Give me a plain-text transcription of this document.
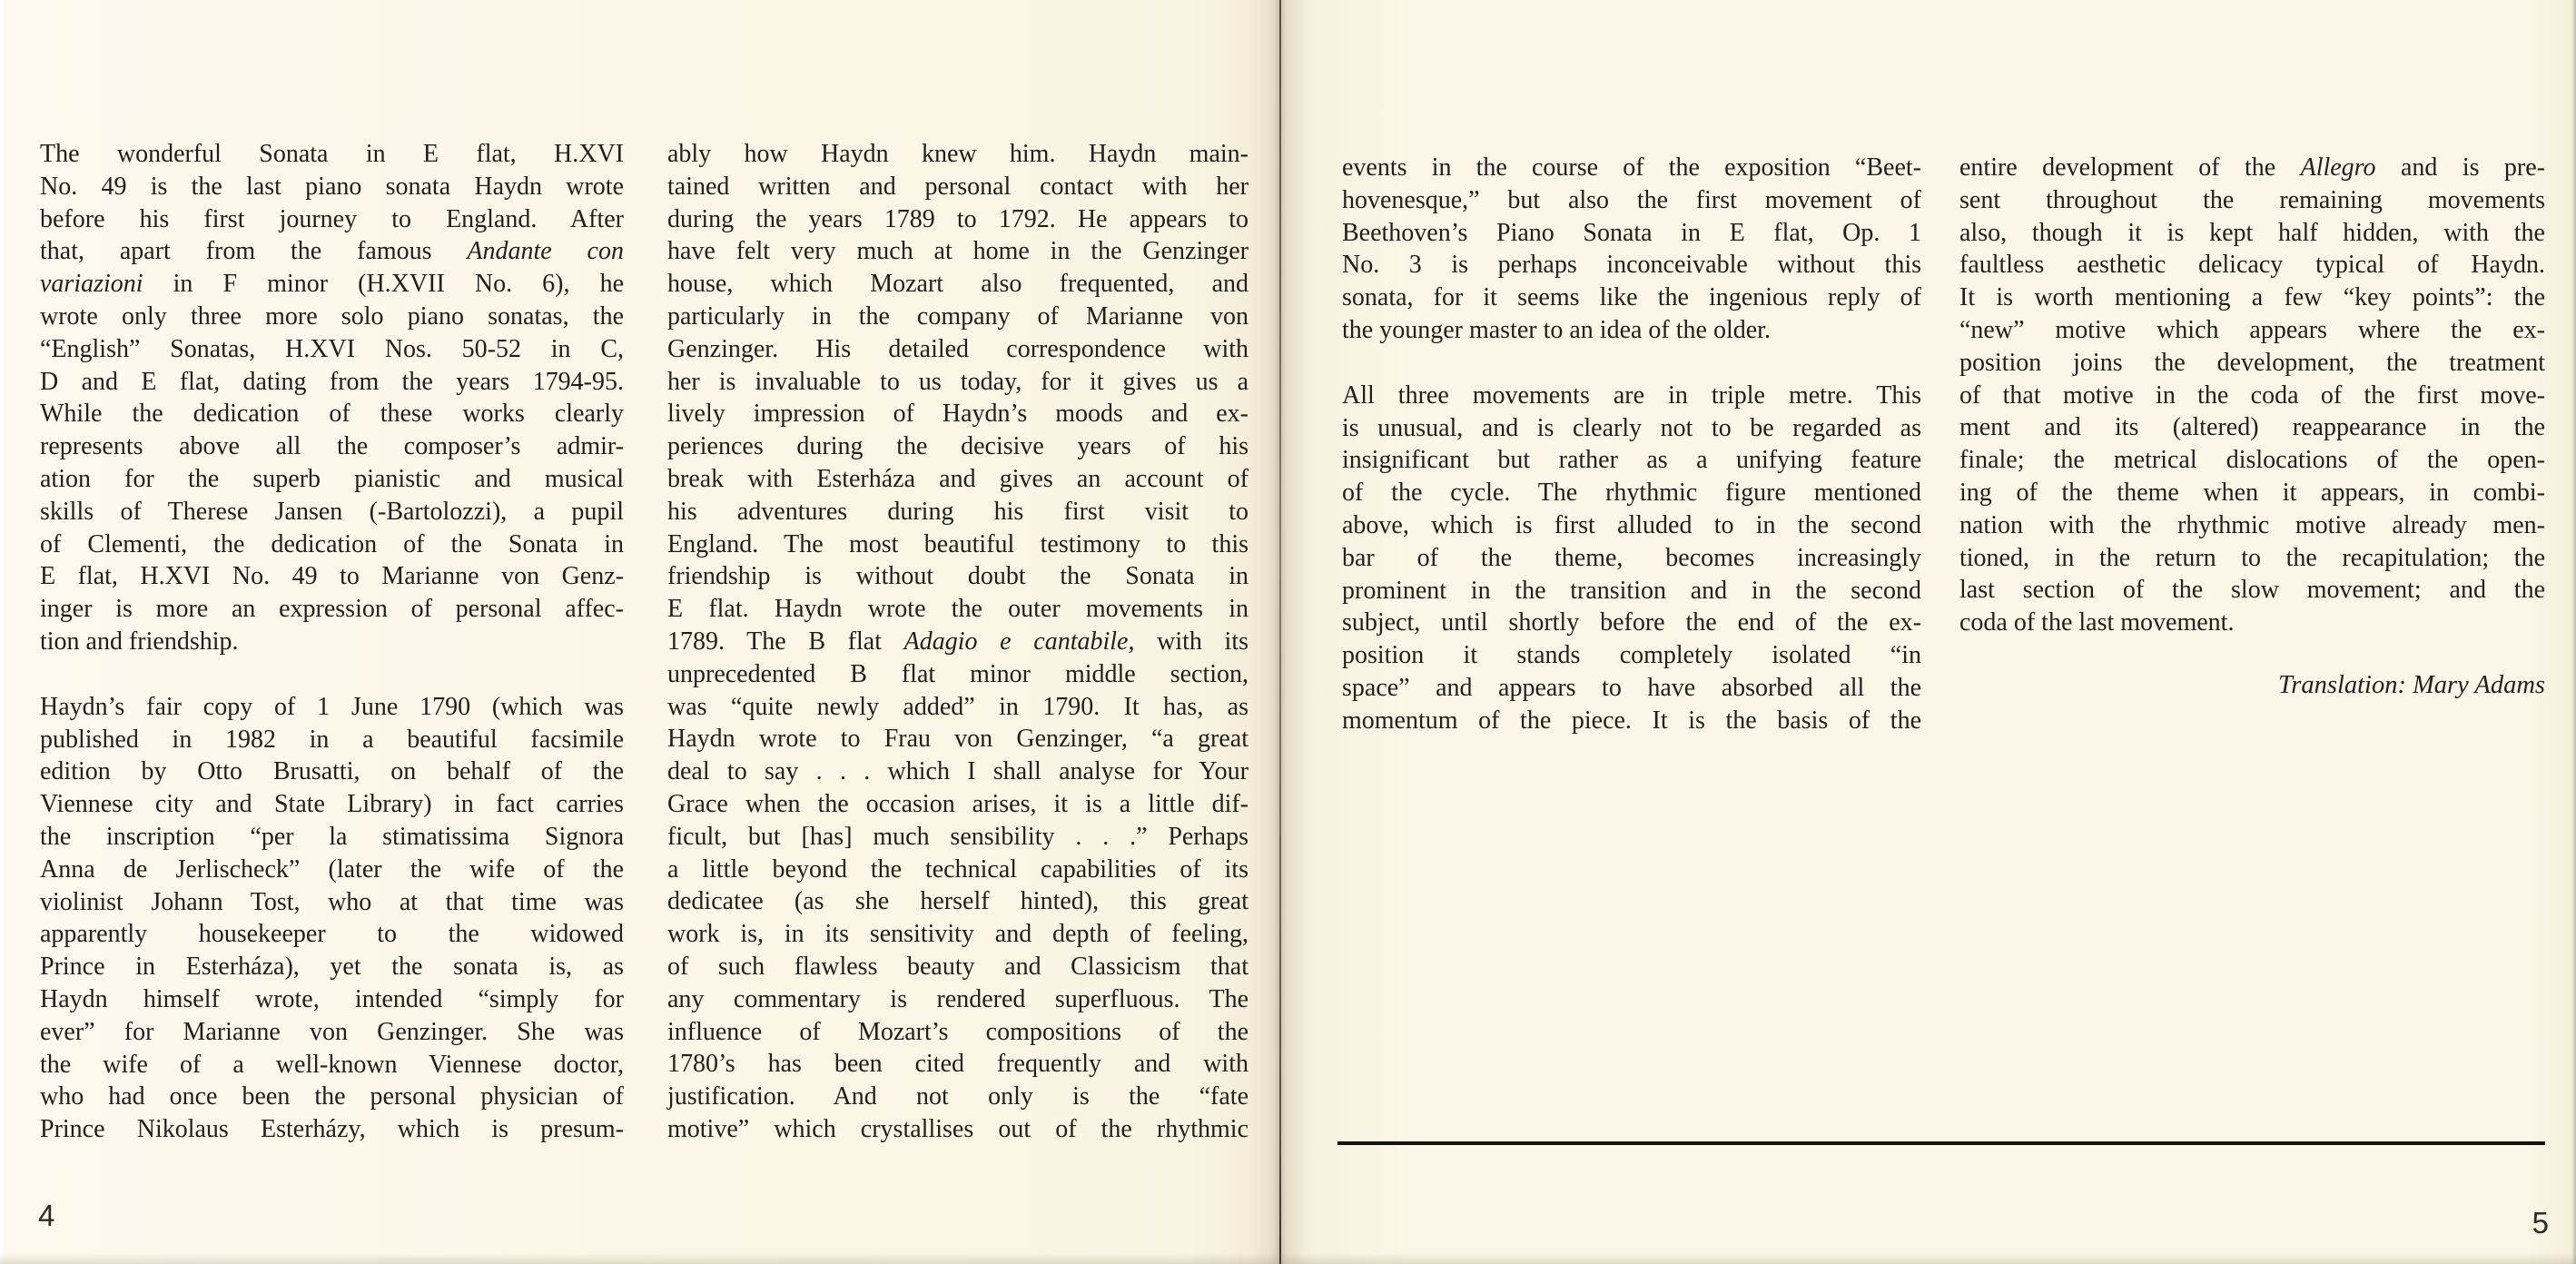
The wonderful Sonata in E flat, H.XVI
No. 49 is the last piano sonata Haydn wrote
before his first journey to England. After
that, apart from the famous Andante con
variazioni in F minor (H.XVII No. 6), he
wrote only three more solo piano sonatas, the
“English” Sonatas, H.XVI Nos. 50-52 in C,
D and E flat, dating from the years 1794-95.
While the dedication of these works clearly
represents above all the composer’s admir-
ation for the superb pianistic and musical
skills of Therese Jansen (-Bartolozzi), a pupil
of Clementi, the dedication of the Sonata in
E flat, H.XVI No. 49 to Marianne von Genz-
inger is more an expression of personal affec-
tion and friendship.
Haydn’s fair copy of 1 June 1790 (which was
published in 1982 in a beautiful facsimile
edition by Otto Brusatti, on behalf of the
Viennese city and State Library) in fact carries
the inscription “per la stimatissima Signora
Anna de Jerlischeck” (later the wife of the
violinist Johann Tost, who at that time was
apparently housekeeper to the widowed
Prince in Esterháza), yet the sonata is, as
Haydn himself wrote, intended “simply for
ever” for Marianne von Genzinger. She was
the wife of a well-known Viennese doctor,
who had once been the personal physician of
Prince Nikolaus Esterházy, which is presum-
ably how Haydn knew him. Haydn main-
tained written and personal contact with her
during the years 1789 to 1792. He appears to
have felt very much at home in the Genzinger
house, which Mozart also frequented, and
particularly in the company of Marianne von
Genzinger. His detailed correspondence with
her is invaluable to us today, for it gives us a
lively impression of Haydn’s moods and ex-
periences during the decisive years of his
break with Esterháza and gives an account of
his adventures during his first visit to
England. The most beautiful testimony to this
friendship is without doubt the Sonata in
E flat. Haydn wrote the outer movements in
1789. The B flat Adagio e cantabile, with its
unprecedented B flat minor middle section,
was “quite newly added” in 1790. It has, as
Haydn wrote to Frau von Genzinger, “a great
deal to say . . . which I shall analyse for Your
Grace when the occasion arises, it is a little dif-
ficult, but [has] much sensibility . . .” Perhaps
a little beyond the technical capabilities of its
dedicatee (as she herself hinted), this great
work is, in its sensitivity and depth of feeling,
of such flawless beauty and Classicism that
any commentary is rendered superfluous. The
influence of Mozart’s compositions of the
1780’s has been cited frequently and with
justification. And not only is the “fate
motive” which crystallises out of the rhythmic
events in the course of the exposition “Beet-
hovenesque,” but also the first movement of
Beethoven’s Piano Sonata in E flat, Op. 1
No. 3 is perhaps inconceivable without this
sonata, for it seems like the ingenious reply of
the younger master to an idea of the older.
All three movements are in triple metre. This
is unusual, and is clearly not to be regarded as
insignificant but rather as a unifying feature
of the cycle. The rhythmic figure mentioned
above, which is first alluded to in the second
bar of the theme, becomes increasingly
prominent in the transition and in the second
subject, until shortly before the end of the ex-
position it stands completely isolated “in
space” and appears to have absorbed all the
momentum of the piece. It is the basis of the
entire development of the Allegro and is pre-
sent throughout the remaining movements
also, though it is kept half hidden, with the
faultless aesthetic delicacy typical of Haydn.
It is worth mentioning a few “key points”: the
“new” motive which appears where the ex-
position joins the development, the treatment
of that motive in the coda of the first move-
ment and its (altered) reappearance in the
finale; the metrical dislocations of the open-
ing of the theme when it appears, in combi-
nation with the rhythmic motive already men-
tioned, in the return to the recapitulation; the
last section of the slow movement; and the
coda of the last movement.
Translation: Mary Adams
4	5
